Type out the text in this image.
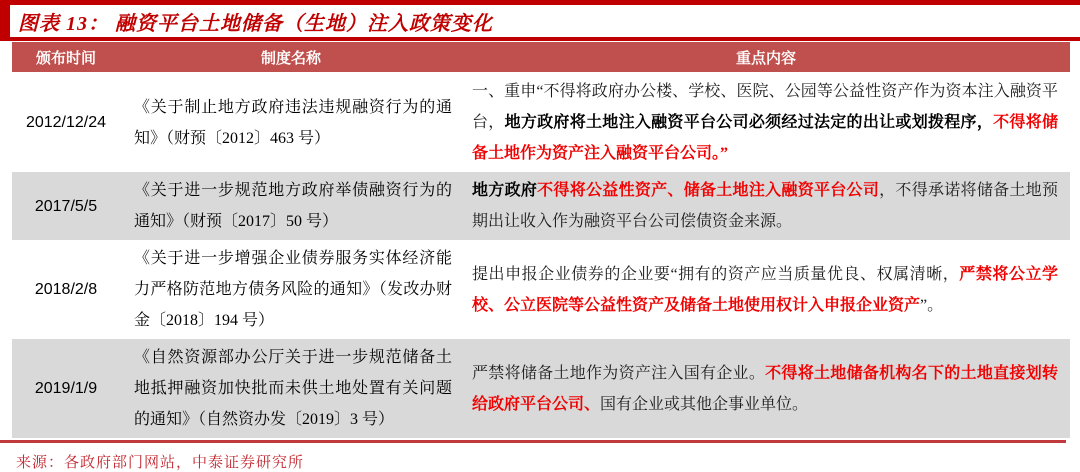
图表 13： 融资平台土地储备（生地）注入政策变化
颁布时间	制度名称	重点内容
2012/12/24
《关于制止地方政府违法违规融资行为的通知》（财预〔2012〕463 号）
一、重申“不得将政府办公楼、学校、医院、公园等公益性资产作为资本注入融资平台，地方政府将土地注入融资平台公司必须经过法定的出让或划拨程序，不得将储备土地作为资产注入融资平台公司。”
2017/5/5
《关于进一步规范地方政府举债融资行为的通知》（财预〔2017〕50 号）
地方政府不得将公益性资产、储备土地注入融资平台公司，不得承诺将储备土地预期出让收入作为融资平台公司偿债资金来源。
2018/2/8
《关于进一步增强企业债券服务实体经济能力严格防范地方债务风险的通知》（发改办财金〔2018〕194 号）
提出申报企业债券的企业要“拥有的资产应当质量优良、权属清晰，严禁将公立学校、公立医院等公益性资产及储备土地使用权计入申报企业资产”。
2019/1/9
《自然资源部办公厅关于进一步规范储备土地抵押融资加快批而未供土地处置有关问题的通知》（自然资办发〔2019〕3 号）
严禁将储备土地作为资产注入国有企业。不得将土地储备机构名下的土地直接划转给政府平台公司、国有企业或其他企事业单位。
来源：各政府部门网站，中泰证券研究所
